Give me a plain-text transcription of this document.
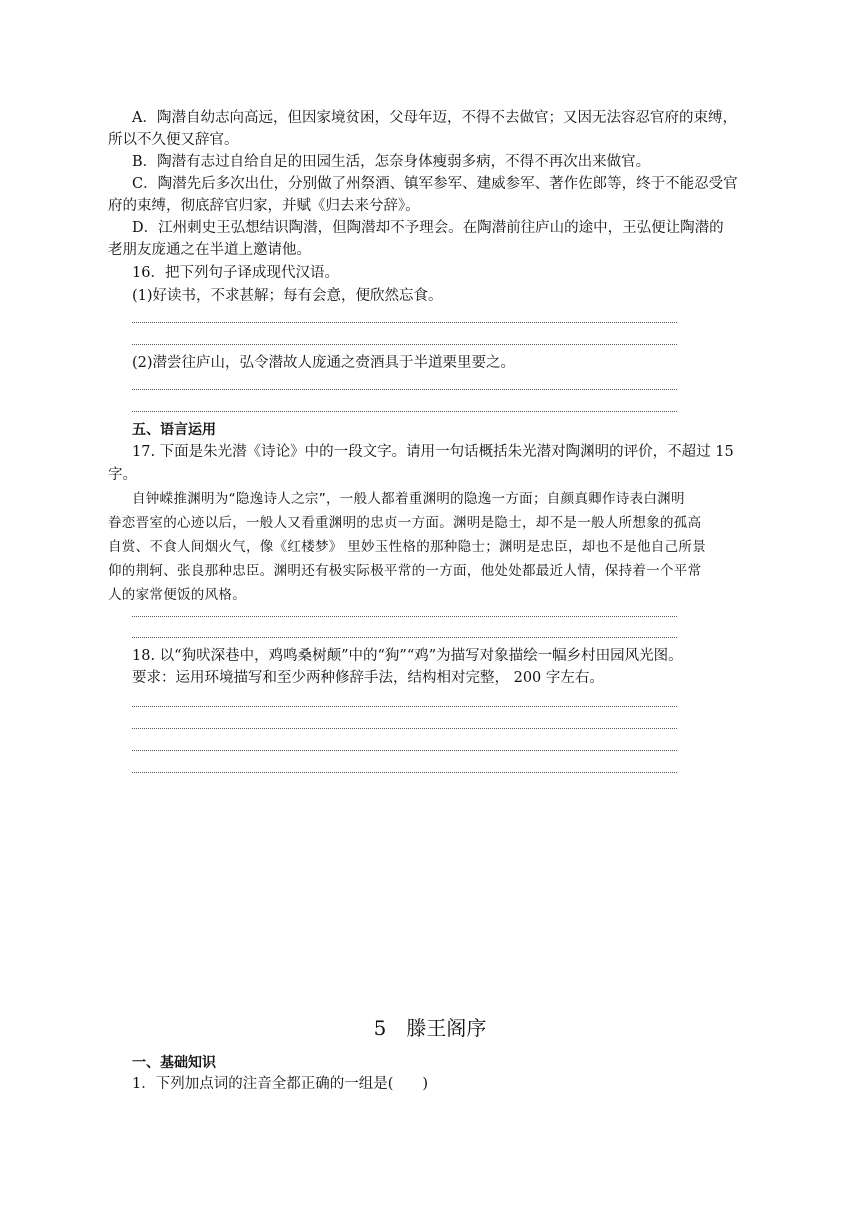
A．陶潜自幼志向高远，但因家境贫困，父母年迈，不得不去做官；又因无法容忍官府的束缚，
所以不久便又辞官。
B．陶潜有志过自给自足的田园生活，怎奈身体瘦弱多病，不得不再次出来做官。
C．陶潜先后多次出仕，分别做了州祭酒、镇军参军、建威参军、著作佐郎等，终于不能忍受官
府的束缚，彻底辞官归家，并赋《归去来兮辞》。
D．江州刺史王弘想结识陶潜，但陶潜却不予理会。在陶潜前往庐山的途中，王弘便让陶潜的
老朋友庞通之在半道上邀请他。
16．把下列句子译成现代汉语。
(1)好读书，不求甚解；每有会意，便欣然忘食。
(2)潜尝往庐山，弘令潜故人庞通之赍酒具于半道栗里要之。
五、语言运用
17. 下面是朱光潜《诗论》中的一段文字。请用一句话概括朱光潜对陶渊明的评价，不超过 15
字。
自钟嵘推渊明为“隐逸诗人之宗”，一般人都着重渊明的隐逸一方面；自颜真卿作诗表白渊明
眷恋晋室的心迹以后，一般人又看重渊明的忠贞一方面。渊明是隐士，却不是一般人所想象的孤高
自赏、不食人间烟火气，像《红楼梦》 里妙玉性格的那种隐士；渊明是忠臣，却也不是他自己所景
仰的荆轲、张良那种忠臣。渊明还有极实际极平常的一方面，他处处都最近人情，保持着一个平常
人的家常便饭的风格。
18. 以“狗吠深巷中，鸡鸣桑树颠”中的“狗”“鸡”为描写对象描绘一幅乡村田园风光图。
要求：运用环境描写和至少两种修辞手法，结构相对完整， 200 字左右。
5　滕王阁序
一、基础知识
1．下列加点词的注音全都正确的一组是(　　)
